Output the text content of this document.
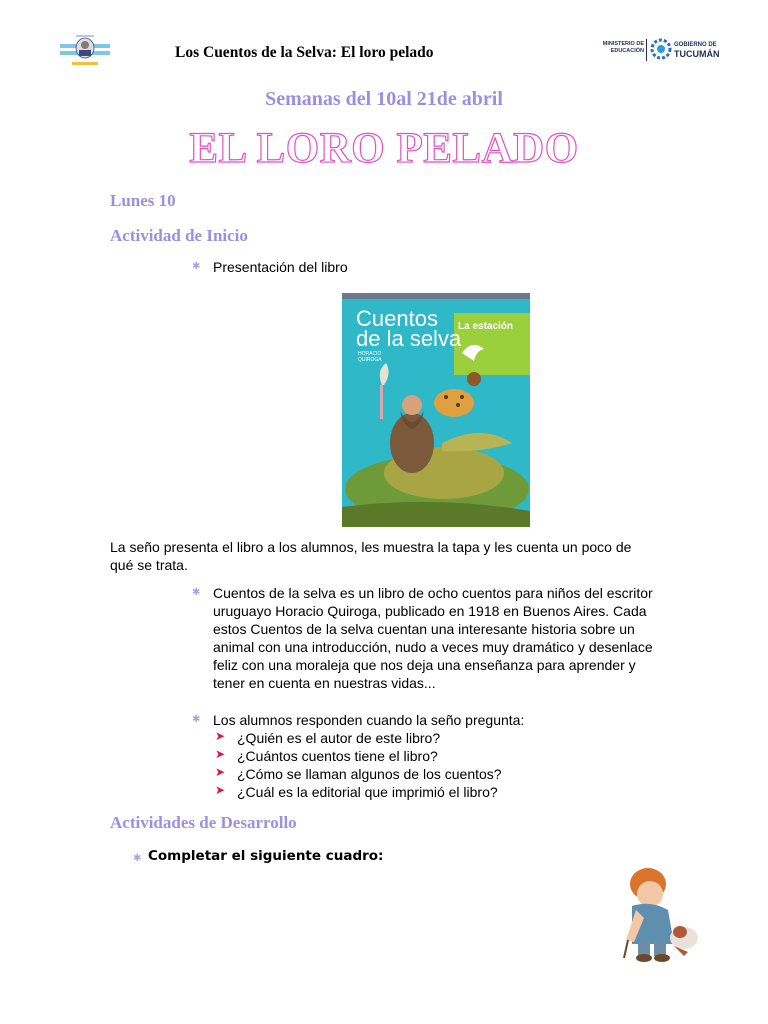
Los Cuentos de la Selva: El loro pelado	MINISTERIO DE
EDUCACIÓN
GOBIERNO DE
TUCUMÁN
Semanas del 10al 21de abril
EL LORO PELADO
Lunes 10
Actividad de Inicio
✱ Presentación del libro
Cuentos
de la selva
HORACIO
QUIROGA
La estación
La seño presenta el libro a los alumnos, les muestra la tapa y les cuenta un poco de qué se trata.
✱ Cuentos de la selva es un libro de ocho cuentos para niños del escritor uruguayo Horacio Quiroga, publicado en 1918 en Buenos Aires. Cada estos Cuentos de la selva cuentan una interesante historia sobre un animal con una introducción, nudo a veces muy dramático y desenlace feliz con una moraleja que nos deja una enseñanza para aprender y tener en cuenta en nuestras vidas...
✱ Los alumnos responden cuando la seño pregunta:
➤ ¿Quién es el autor de este libro?
➤ ¿Cuántos cuentos tiene el libro?
➤ ¿Cómo se llaman algunos de los cuentos?
➤ ¿Cuál es la editorial que imprimió el libro?
Actividades de Desarrollo
✱ Completar el siguiente cuadro:
